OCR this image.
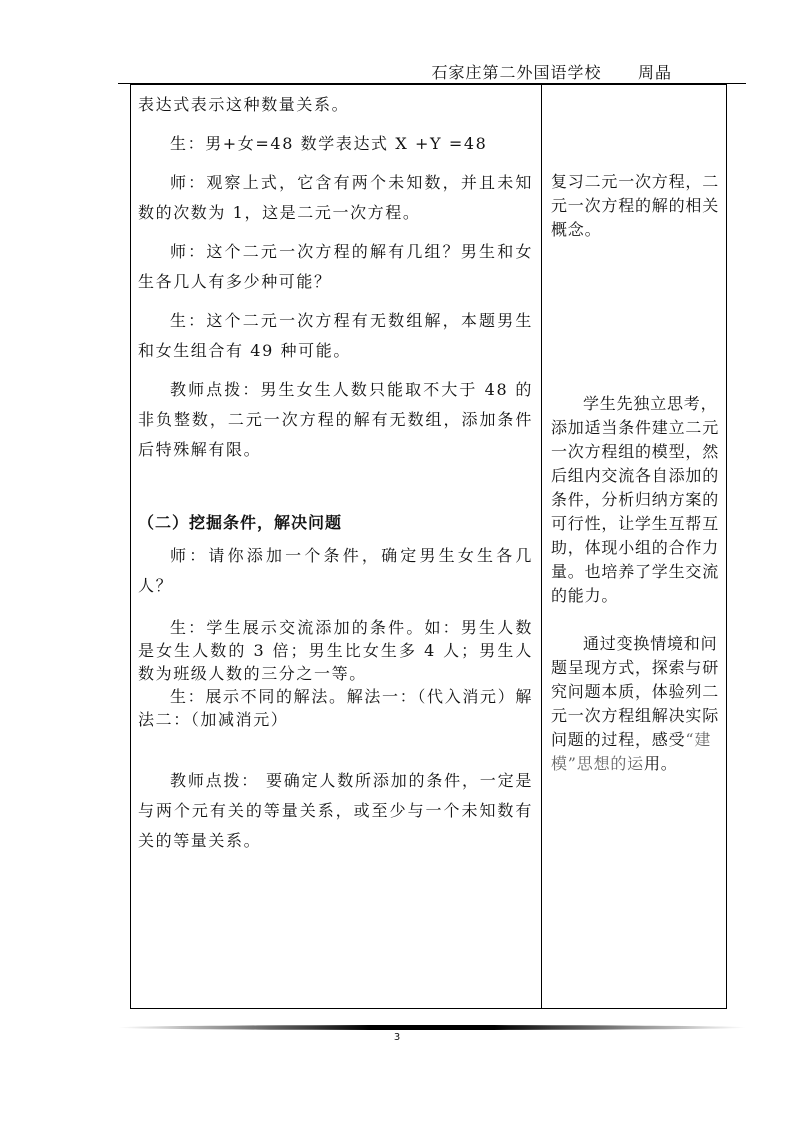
石家庄第二外国语学校 周晶

表达式表示这种数量关系。

生：男+女=48 数学表达式 X +Y =48

师：观察上式，它含有两个未知数，并且未知数的次数为 1，这是二元一次方程。

师：这个二元一次方程的解有几组？男生和女生各几人有多少种可能？

生：这个二元一次方程有无数组解，本题男生和女生组合有 49 种可能。

教师点拨：男生女生人数只能取不大于 48 的非负整数，二元一次方程的解有无数组，添加条件后特殊解有限。

（二）挖掘条件，解决问题

师：请你添加一个条件，确定男生女生各几人？

生：学生展示交流添加的条件。如：男生人数是女生人数的 3 倍；男生比女生多 4 人；男生人数为班级人数的三分之一等。

生：展示不同的解法。解法一：（代入消元）解法二：（加减消元）

教师点拨： 要确定人数所添加的条件，一定是与两个元有关的等量关系，或至少与一个未知数有关的等量关系。

复习二元一次方程，二元一次方程的解的相关概念。

学生先独立思考，添加适当条件建立二元一次方程组的模型，然后组内交流各自添加的条件，分析归纳方案的可行性，让学生互帮互助，体现小组的合作力量。也培养了学生交流的能力。

通过变换情境和问题呈现方式，探索与研究问题本质，体验列二元一次方程组解决实际问题的过程，感受“建模”思想的运用。

3
